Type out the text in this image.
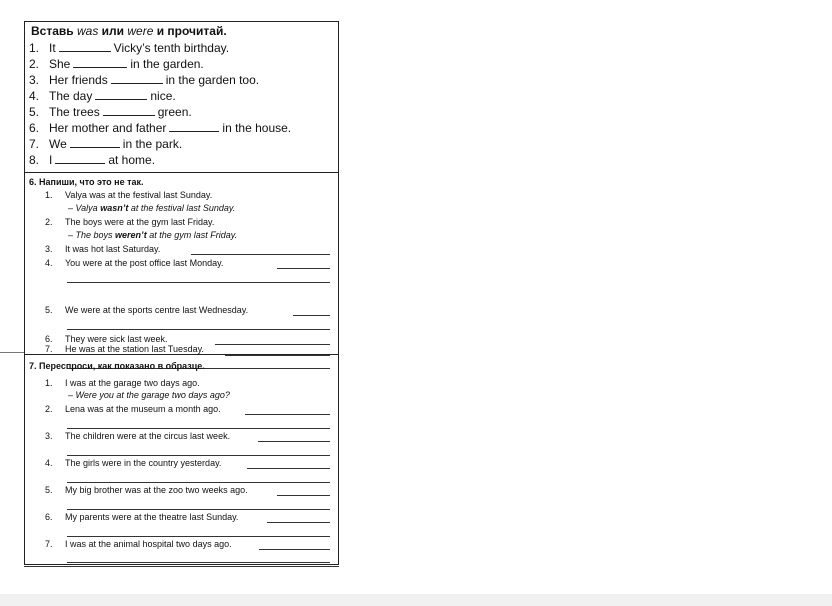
Вставь was или were и прочитай.
1. It	Vicky’s tenth birthday.
2. She	in the garden.
3. Her friends	in the garden too.
4. The day	nice.
5. The trees	green.
6. Her mother and father	in the house.
7. We	in the park.
8. I	at home.
6. Напиши, что это не так.
1. Valya was at the festival last Sunday.
– Valya wasn’t at the festival last Sunday.
2. The boys were at the gym last Friday.
– The boys weren’t at the gym last Friday.
3. It was hot last Saturday.
4. You were at the post office last Monday.
5. We were at the sports centre last Wednesday.
6. They were sick last week.
7. He was at the station last Tuesday.
7. Переспроси, как показано в образце.
1. I was at the garage two days ago.
– Were you at the garage two days ago?
2. Lena was at the museum a month ago.
3. The children were at the circus last week.
4. The girls were in the country yesterday.
5. My big brother was at the zoo two weeks ago.
6. My parents were at the theatre last Sunday.
7. I was at the animal hospital two days ago.
